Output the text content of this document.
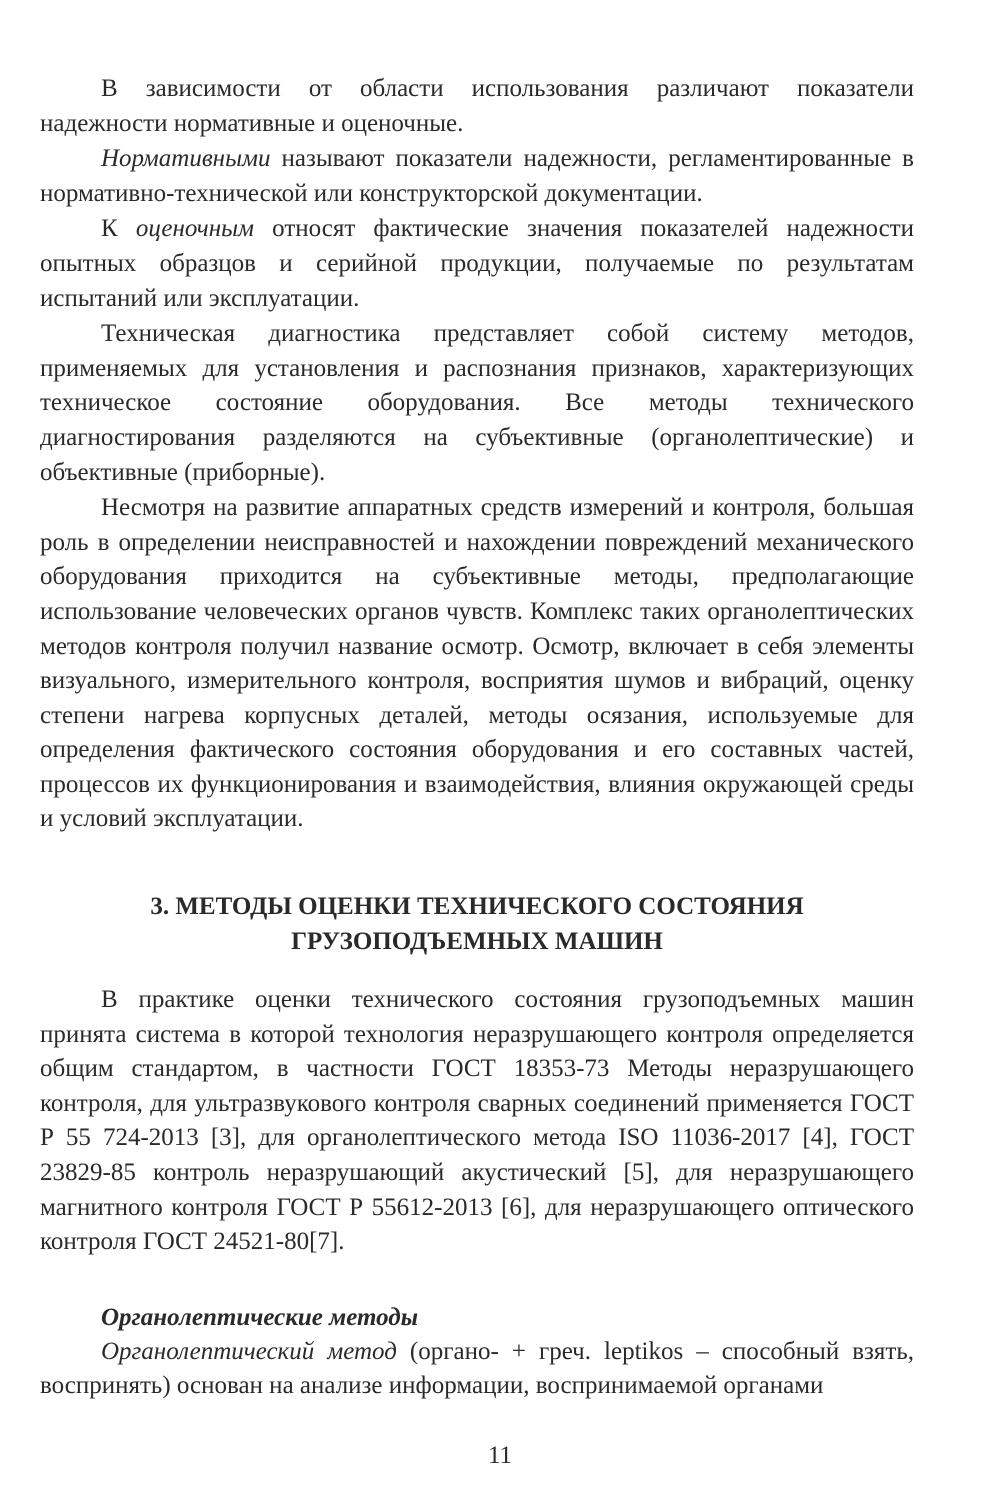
В зависимости от области использования различают показатели надежности нормативные и оценочные.

Нормативными называют показатели надежности, регламентированные в нормативно-технической или конструкторской документации.

К оценочным относят фактические значения показателей надежности опытных образцов и серийной продукции, получаемые по результатам испытаний или эксплуатации.

Техническая диагностика представляет собой систему методов, применяемых для установления и распознания признаков, характеризующих техническое состояние оборудования. Все методы технического диагностирования разделяются на субъективные (органолептические) и объективные (приборные).

Несмотря на развитие аппаратных средств измерений и контроля, большая роль в определении неисправностей и нахождении повреждений механического оборудования приходится на субъективные методы, предполагающие использование человеческих органов чувств. Комплекс таких органолептических методов контроля получил название осмотр. Осмотр, включает в себя элементы визуального, измерительного контроля, восприятия шумов и вибраций, оценку степени нагрева корпусных деталей, методы осязания, используемые для определения фактического состояния оборудования и его составных частей, процессов их функционирования и взаимодействия, влияния окружающей среды и условий эксплуатации.

3. МЕТОДЫ ОЦЕНКИ ТЕХНИЧЕСКОГО СОСТОЯНИЯ
ГРУЗОПОДЪЕМНЫХ МАШИН

В практике оценки технического состояния грузоподъемных машин принята система в которой технология неразрушающего контроля определяется общим стандартом, в частности ГОСТ 18353-73 Методы неразрушающего контроля, для ультразвукового контроля сварных соединений применяется ГОСТ Р 55 724-2013 [3], для органолептического метода ISO 11036-2017 [4], ГОСТ 23829-85 контроль неразрушающий акустический [5], для неразрушающего магнитного контроля ГОСТ Р 55612-2013 [6], для неразрушающего оптического контроля ГОСТ 24521-80[7].

Органолептические методы

Органолептический метод (органо- + греч. leptikos – способный взять, воспринять) основан на анализе информации, воспринимаемой органами

11
